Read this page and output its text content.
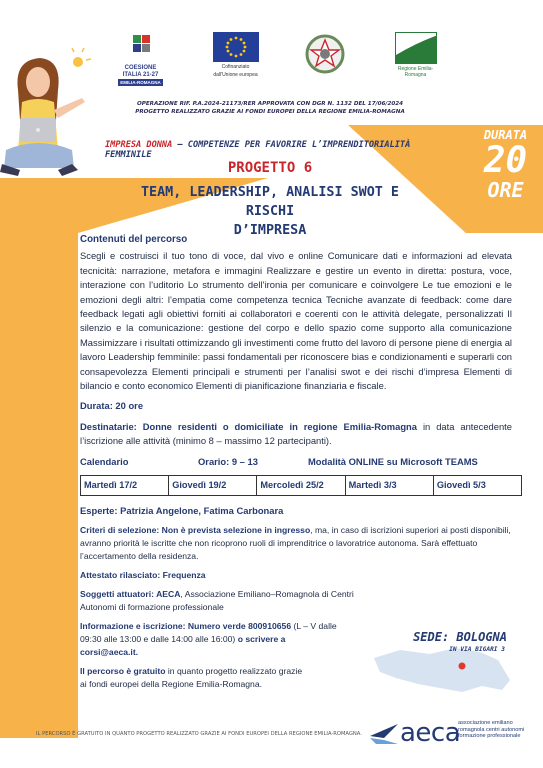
COESIONE ITALIA 21-27
EMILIA-ROMAGNA
Cofinanziato
dall'Unione europea
Regione Emilia-Romagna
OPERAZIONE RIF. P.A.2024-21173/RER APPROVATA CON DGR N. 1132 DEL 17/06/2024
PROGETTO REALIZZATO GRAZIE AI FONDI EUROPEI DELLA REGIONE EMILIA-ROMAGNA
IMPRESA DONNA – COMPETENZE PER FAVORIRE L’IMPRENDITORIALITÀ FEMMINILE
PROGETTO 6
TEAM, LEADERSHIP, ANALISI SWOT E RISCHI
D’IMPRESA
DURATA
20
ORE
Contenuti del percorso
Scegli e costruisci il tuo tono di voce, dal vivo e online Comunicare dati e informazioni ad elevata tecnicità: narrazione, metafora e immagini Realizzare e gestire un evento in diretta: postura, voce, interazione con l’uditorio Lo strumento dell’ironia per comunicare e coinvolgere Le tue emozioni e le emozioni degli altri: l’empatia come competenza tecnica Tecniche avanzate di feedback: come dare feedback legati agli obiettivi forniti ai collaboratori e coerenti con le attività delegate, personalizzati Il silenzio e la comunicazione: gestione del corpo e dello spazio come supporto alla comunicazione Massimizzare i risultati ottimizzando gli investimenti come frutto del lavoro di persone piene di energia al lavoro Leadership femminile: passi fondamentali per riconoscere bias e condizionamenti e superarli con consapevolezza Elementi principali e strumenti per l’analisi swot e dei rischi d’impresa Elementi di bilancio e conto economico Elementi di pianificazione finanziaria e fiscale.
Durata: 20 ore
Destinatarie: Donne residenti o domiciliate in regione Emilia-Romagna in data antecedente l’iscrizione alle attività (minimo 8 – massimo 12 partecipanti).
Calendario	Orario: 9 – 13	Modalità ONLINE su Microsoft TEAMS
Martedì 17/2	Giovedì 19/2	Mercoledì 25/2	Martedì 3/3	Giovedì 5/3
Esperte: Patrizia Angelone, Fatima Carbonara
Criteri di selezione: Non è prevista selezione in ingresso, ma, in caso di iscrizioni superiori ai posti disponibili, avranno priorità le iscritte che non ricoprono ruoli di imprenditrice o lavoratrice autonoma. Sarà effettuato l’accertamento della residenza.
Attestato rilasciato: Frequenza
Soggetti attuatori: AECA, Associazione Emiliano–Romagnola di Centri Autonomi di formazione professionale
Informazione e iscrizione: Numero verde 800910656 (L – V dalle 09:30 alle 13:00 e dalle 14:00 alle 16:00) o scrivere a corsi@aeca.it.
Il percorso è gratuito in quanto progetto realizzato grazie ai fondi europei della Regione Emilia-Romagna.
SEDE: BOLOGNA
IN VIA BIGARI 3
IL PERCORSO È GRATUITO IN QUANTO PROGETTO REALIZZATO GRAZIE AI FONDI EUROPEI DELLA REGIONE EMILIA-ROMAGNA. aeca
associazione emiliano romagnola centri autonomi formazione professionale
